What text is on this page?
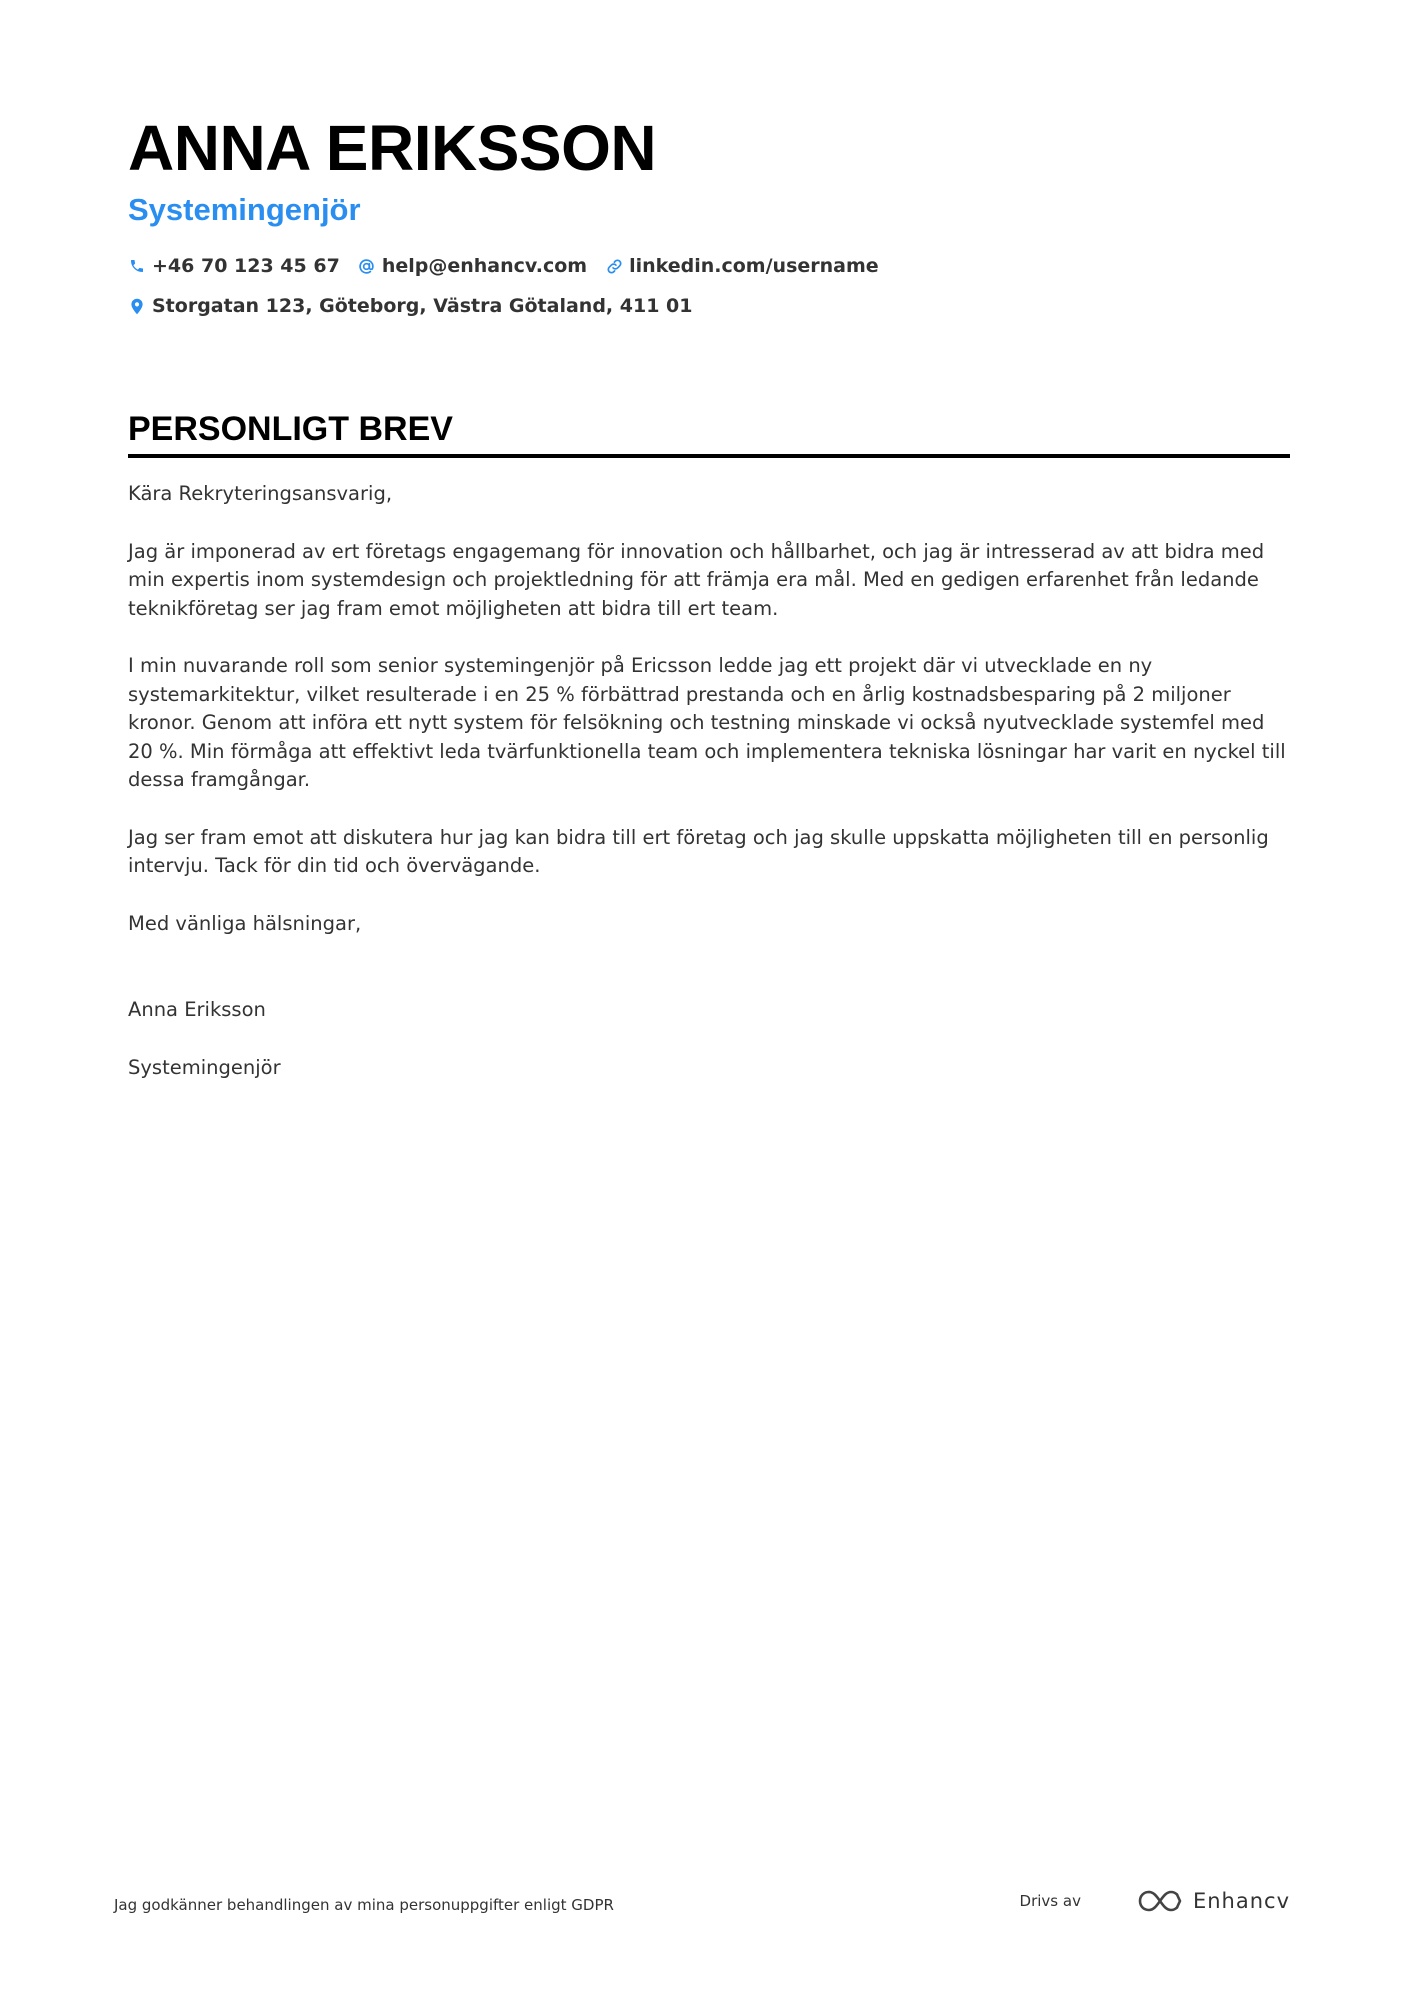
ANNA ERIKSSON
Systemingenjör
+46 70 123 45 67 help@enhancv.com linkedin.com/username
Storgatan 123, Göteborg, Västra Götaland, 411 01
PERSONLIGT BREV

Kära Rekryteringsansvarig,

Jag är imponerad av ert företags engagemang för innovation och hållbarhet, och jag är intresserad av att bidra med min expertis inom systemdesign och projektledning för att främja era mål. Med en gedigen erfarenhet från ledande teknikföretag ser jag fram emot möjligheten att bidra till ert team.

I min nuvarande roll som senior systemingenjör på Ericsson ledde jag ett projekt där vi utvecklade en ny systemarkitektur, vilket resulterade i en 25 % förbättrad prestanda och en årlig kostnadsbesparing på 2 miljoner kronor. Genom att införa ett nytt system för felsökning och testning minskade vi också nyutvecklade systemfel med 20 %. Min förmåga att effektivt leda tvärfunktionella team och implementera tekniska lösningar har varit en nyckel till dessa framgångar.

Jag ser fram emot att diskutera hur jag kan bidra till ert företag och jag skulle uppskatta möjligheten till en personlig intervju. Tack för din tid och övervägande.

Med vänliga hälsningar,

Anna Eriksson

Systemingenjör

Jag godkänner behandlingen av mina personuppgifter enligt GDPR	Drivs av	Enhancv
